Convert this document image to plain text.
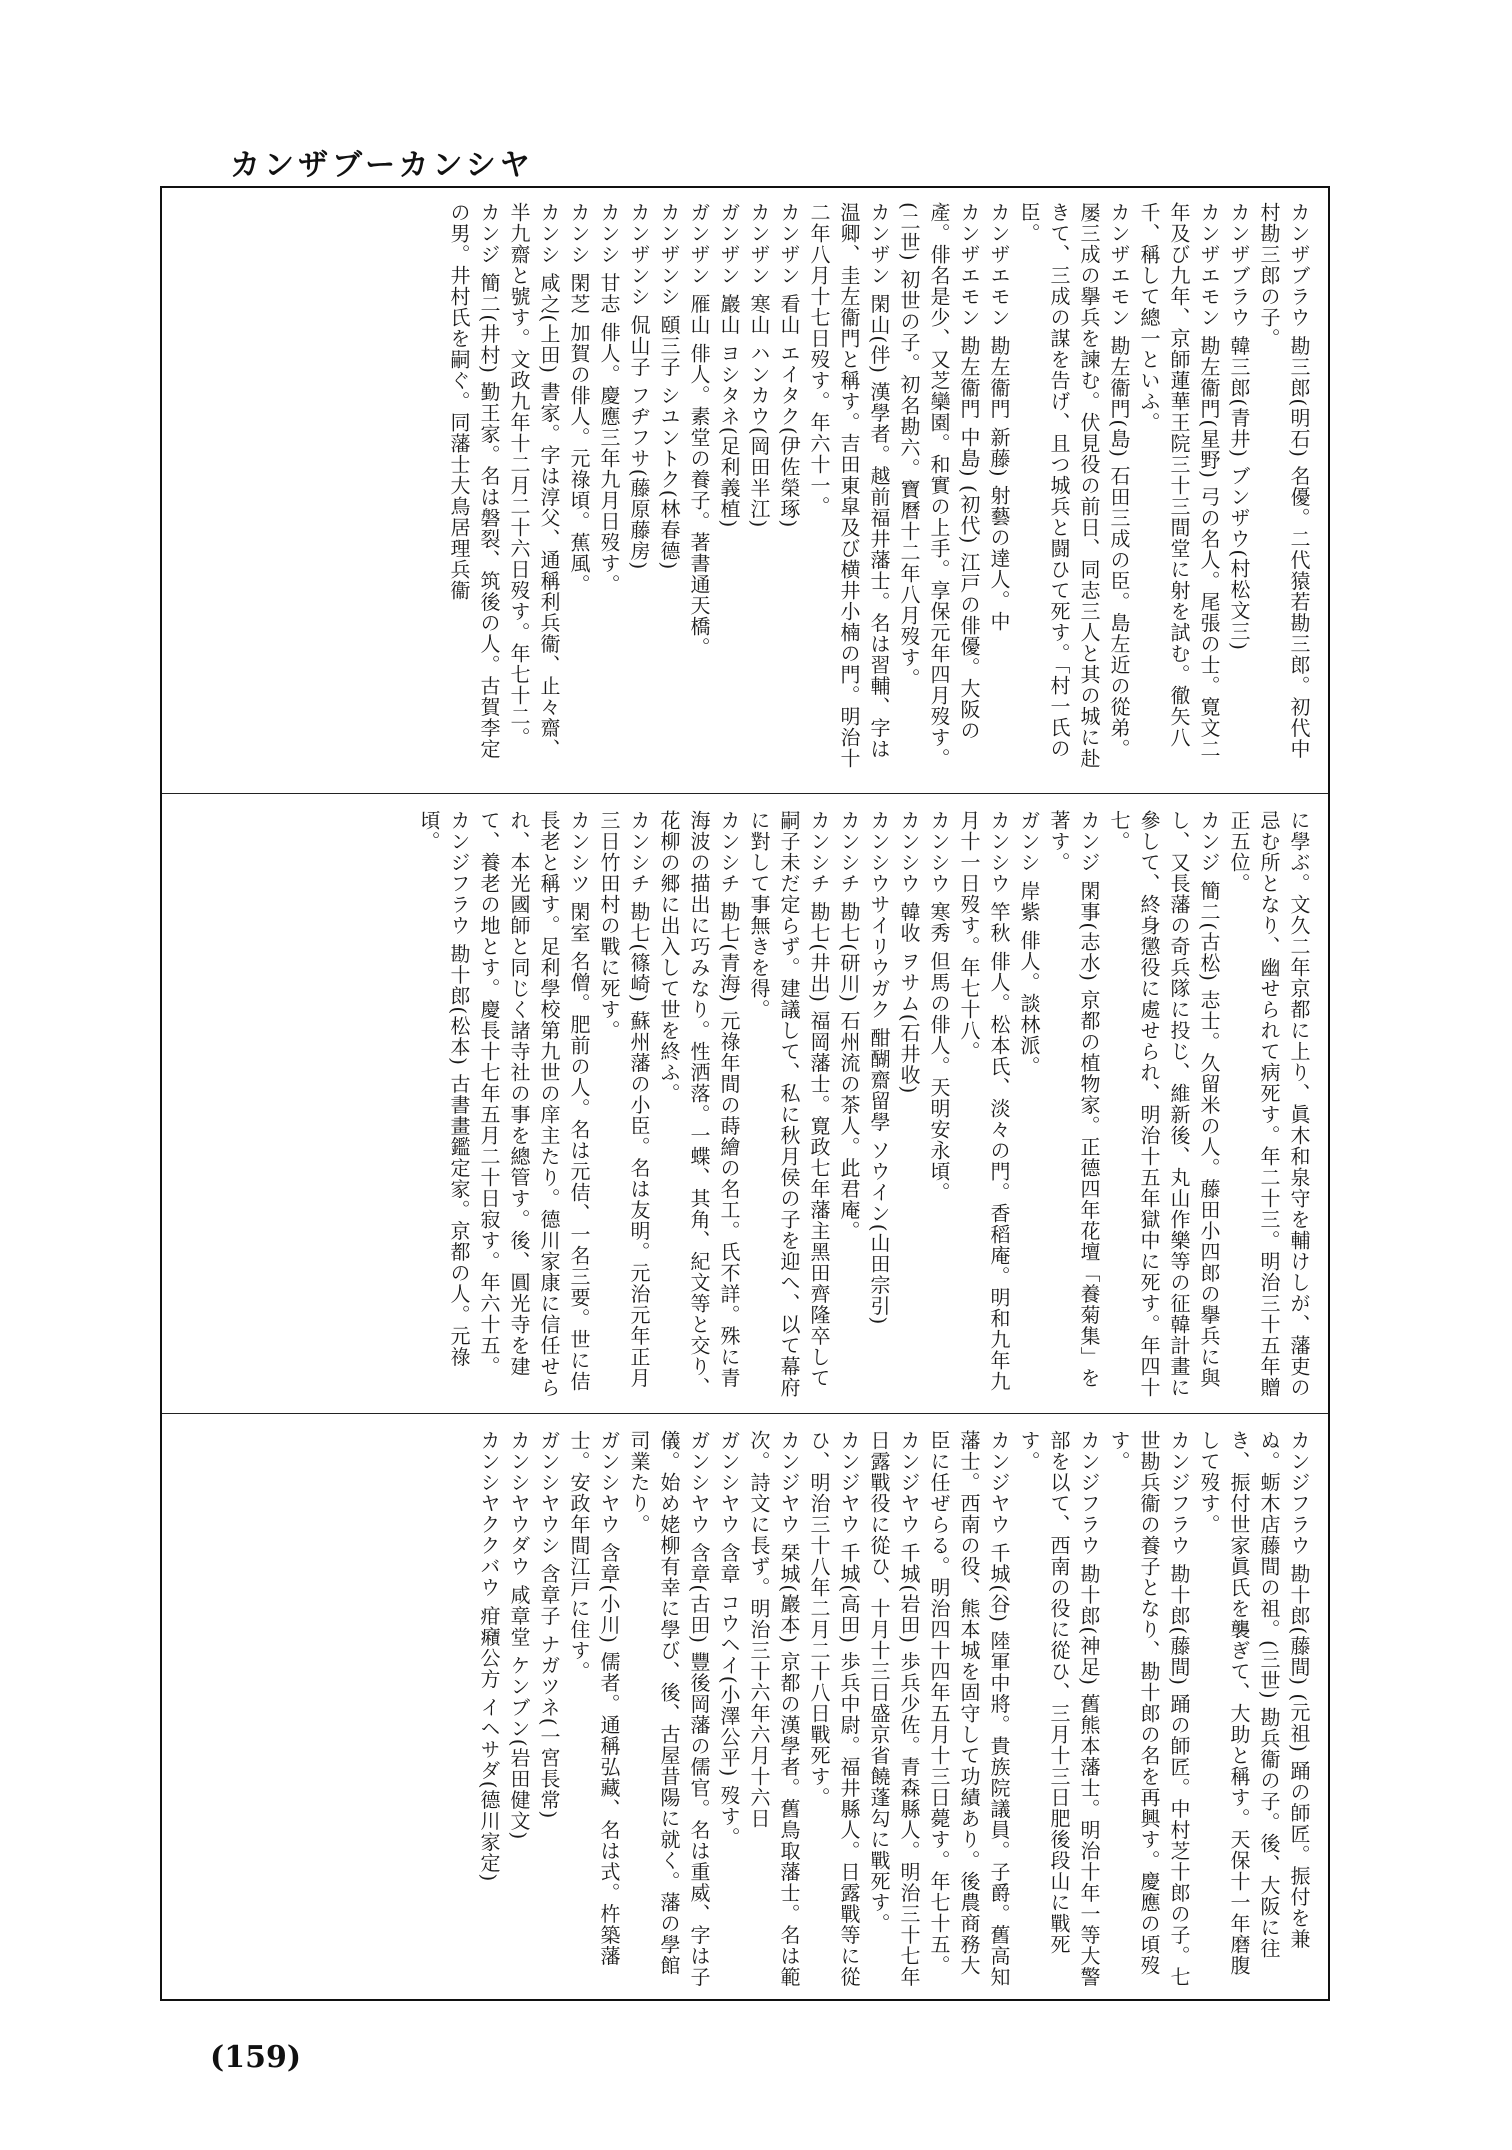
カンザブーカンシヤ

カンザブラウ 勘三郎(明石) 名優。二代猿若勘三郎。初代中村勘三郎の子。

カンザブラウ 韓三郎(青井) ブンザウ(村松文三)

カンザエモン 勘左衞門(星野) 弓の名人。尾張の士。寛文二年及び九年、京師蓮華王院三十三間堂に射を試む。徹矢八千、稱して總一といふ。

カンザエモン 勘左衞門(島) 石田三成の臣。島左近の從弟。屡三成の擧兵を諫む。伏見役の前日、同志三人と其の城に赴きて、三成の謀を告げ、且つ城兵と闘ひて死す。「村一氏の臣。

カンザエモン 勘左衞門 新藤) 射藝の達人。中

カンザエモン 勘左衞門 中島) (初代) 江戸の俳優。大阪の產。俳名是少、又芝欒園。和實の上手。享保元年四月歿す。(二世) 初世の子。初名勘六。寶曆十二年八月歿す。

カンザン 閑山(伴) 漢學者。越前福井藩士。名は習輔、字は温卿、圭左衞門と稱す。吉田東皐及び横井小楠の門。明治十二年八月十七日歿す。年六十一。

カンザン 看山 エイタク(伊佐榮琢)

カンザン 寒山 ハンカウ(岡田半江)

ガンザン 巖山 ヨシタネ(足利義植)

ガンザン 雁山 俳人。素堂の養子。著書通天橋。

カンザンシ 頤三子 シユントク(林春德)

カンザンシ 侃山子 フヂフサ(藤原藤房)

カンシ 甘志 俳人。慶應三年九月日歿す。

カンシ 閑芝 加賀の俳人。元祿頃。蕉風。

カンシ 咸之(上田) 書家。字は淳父、通稱利兵衞、止々齋、半九齋と號す。文政九年十二月二十六日歿す。年七十二。

カンジ 簡二(井村) 勤王家。名は磐裂、筑後の人。古賀李定の男。井村氏を嗣ぐ。同藩士大鳥居理兵衞

に學ぶ。文久二年京都に上り、眞木和泉守を輔けしが、藩吏の忌む所となり、幽せられて病死す。年二十三。明治三十五年贈正五位。

カンジ 簡二(古松) 志士。久留米の人。藤田小四郎の擧兵に與し、又長藩の奇兵隊に投じ、維新後、丸山作樂等の征韓計畫に參して、終身懲役に處せられ、明治十五年獄中に死す。年四十七。

カンジ 閑事(志水) 京都の植物家。正德四年花壇「養菊集」を著す。

ガンシ 岸紫 俳人。談林派。

カンシウ 竿秋 俳人。松本氏、淡々の門。香稻庵。明和九年九月十一日歿す。年七十八。

カンシウ 寒秀 但馬の俳人。天明安永頃。

カンシウ 韓收 ヲサム(石井收)

カンシウサイリウガク 酣醐齋留學 ソウイン(山田宗引)

カンシチ 勘七(研川) 石州流の茶人。此君庵。

カンシチ 勘七(井出) 福岡藩士。寛政七年藩主黑田齊隆卒して嗣子未だ定らず。建議して、私に秋月侯の子を迎へ、以て幕府に對して事無きを得。

カンシチ 勘七(青海) 元祿年間の蒔繪の名工。氏不詳。殊に青海波の描出に巧みなり。性洒落。一蝶、其角、紀文等と交り、花柳の郷に出入して世を終ふ。

カンシチ 勘七(篠崎) 蘇州藩の小臣。名は友明。元治元年正月三日竹田村の戰に死す。

カンシツ 閑室 名僧。肥前の人。名は元佶、一名三要。世に佶長老と稱す。足利學校第九世の庠主たり。德川家康に信任せられ、本光國師と同じく諸寺社の事を總管す。後、圓光寺を建て、養老の地とす。慶長十七年五月二十日寂す。年六十五。

カンジフラウ 勘十郎(松本) 古書畫鑑定家。京都の人。元祿頃。

カンジフラウ 勘十郎(藤間) (元祖) 踊の師匠。振付を兼ぬ。蛎木店藤間の祖。(三世) 勘兵衞の子。後、大阪に往き、振付世家眞氏を襲ぎて、大助と稱す。天保十一年磨腹して歿す。

カンジフラウ 勘十郎(藤間) 踊の師匠。中村芝十郎の子。七世勘兵衞の養子となり、勘十郎の名を再興す。慶應の頃歿す。

カンジフラウ 勘十郎(神足) 舊熊本藩士。明治十年一等大警部を以て、西南の役に從ひ、三月十三日肥後段山に戰死す。

カンジヤウ 千城(谷) 陸軍中將。貴族院議員。子爵。舊高知藩士。西南の役、熊本城を固守して功績あり。後農商務大臣に任ぜらる。明治四十四年五月十三日薨す。年七十五。

カンジヤウ 千城(岩田) 歩兵少佐。青森縣人。明治三十七年日露戰役に從ひ、十月十三日盛京省饒蓬勾に戰死す。

カンジヤウ 千城(高田) 歩兵中尉。福井縣人。日露戰等に從ひ、明治三十八年二月二十八日戰死す。

カンジヤウ 栞城(巖本) 京都の漢學者。舊鳥取藩士。名は範次。詩文に長ず。明治三十六年六月十六日

ガンシヤウ 含章 コウヘイ(小澤公平) 歿す。

ガンシヤウ 含章(古田) 豐後岡藩の儒官。名は重威、字は子儀。始め姥柳有幸に學び、後、古屋昔陽に就く。藩の學館司業たり。

ガンシヤウ 含章(小川) 儒者。通稱弘藏、名は式。杵築藩士。安政年間江戸に住す。

ガンシヤウシ 含章子 ナガツネ(一宮長常)

カンシヤウダウ 咸章堂 ケンブン(岩田健文)

カンシヤククバウ 疳癪公方 イヘサダ(德川家定)

(159)
